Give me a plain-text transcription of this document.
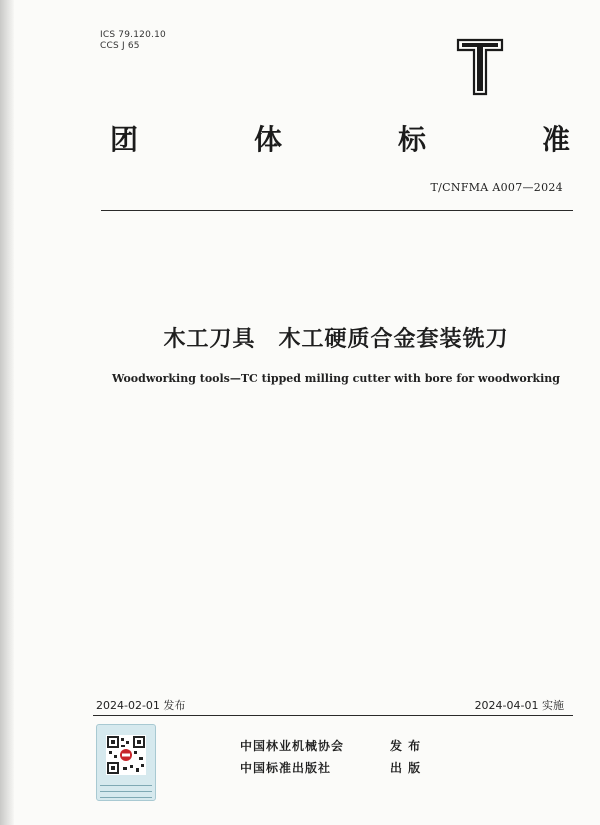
ICS 79.120.10
CCS J 65
团	体	标	准
T/CNFMA A007—2024
木工刀具　木工硬质合金套装铣刀
Woodworking tools—TC tipped milling cutter with bore for woodworking
2024-02-01 发布	2024-04-01 实施
中国林业机械协会	发 布
中国标准出版社	出 版
